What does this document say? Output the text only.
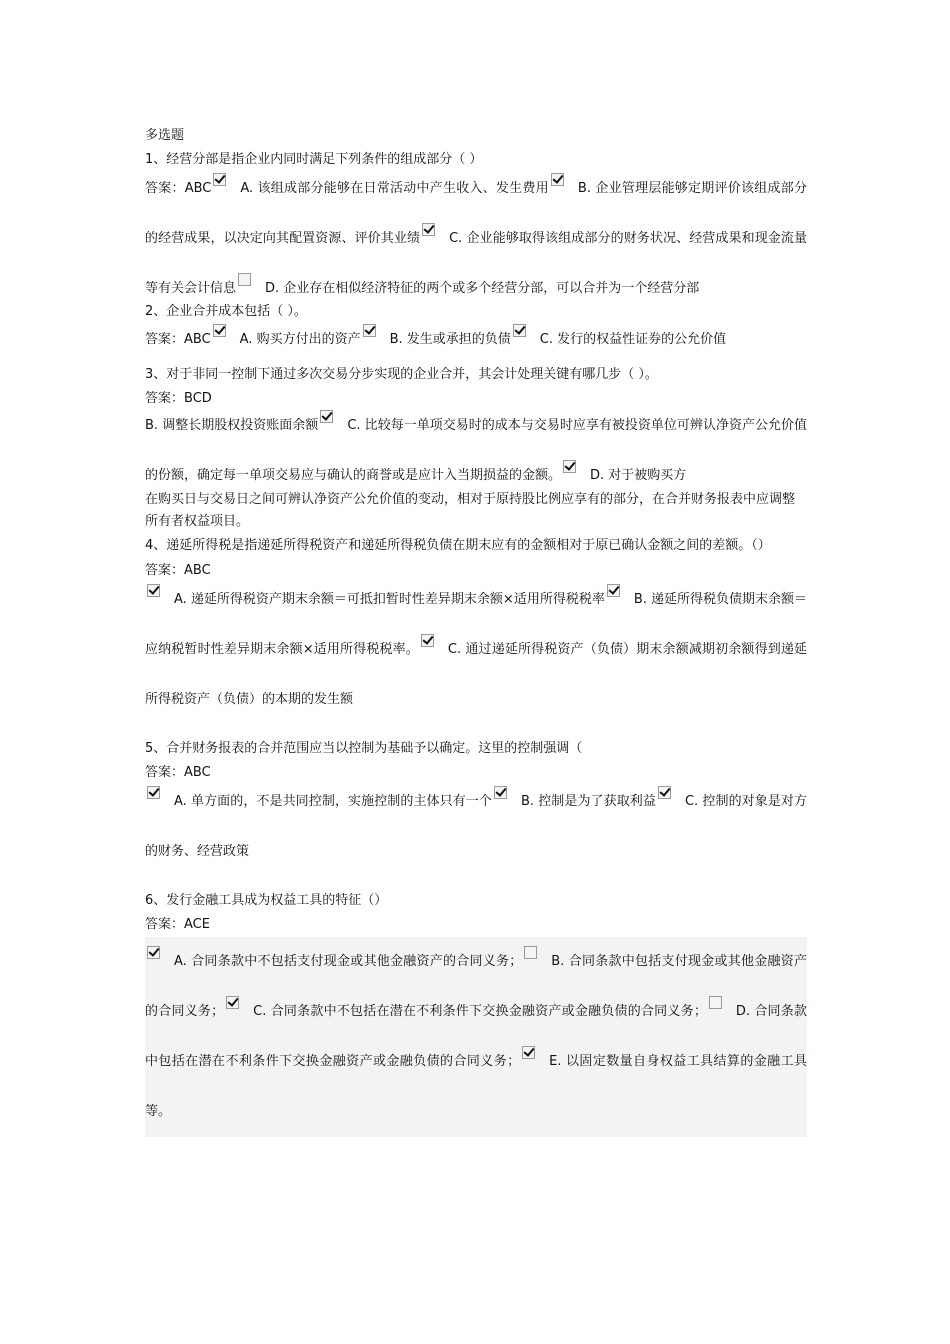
多选题
1、经营分部是指企业内同时满足下列条件的组成部分（ ）
答案：ABC A. 该组成部分能够在日常活动中产生收入、发生费用 B. 企业管理层能够定期评价该组成部分的经营成果，以决定向其配置资源、评价其业绩 C. 企业能够取得该组成部分的财务状况、经营成果和现金流量等有关会计信息 D. 企业存在相似经济特征的两个或多个经营分部，可以合并为一个经营分部
2、企业合并成本包括（ ）。
答案：ABC A. 购买方付出的资产 B. 发生或承担的负债 C. 发行的权益性证券的公允价值
3、对于非同一控制下通过多次交易分步实现的企业合并，其会计处理关键有哪几步（ ）。
答案：BCD
B. 调整长期股权投资账面余额 C. 比较每一单项交易时的成本与交易时应享有被投资单位可辨认净资产公允价值的份额，确定每一单项交易应与确认的商誉或是应计入当期损益的金额。 D. 对于被购买方
在购买日与交易日之间可辨认净资产公允价值的变动，相对于原持股比例应享有的部分，在合并财务报表中应调整所有者权益项目。
4、递延所得税是指递延所得税资产和递延所得税负债在期末应有的金额相对于原已确认金额之间的差额。（）
答案：ABC
A. 递延所得税资产期末余额＝可抵扣暂时性差异期末余额×适用所得税税率 B. 递延所得税负债期末余额＝应纳税暂时性差异期末余额×适用所得税税率。 C. 通过递延所得税资产（负债）期末余额减期初余额得到递延所得税资产（负债）的本期的发生额
5、合并财务报表的合并范围应当以控制为基础予以确定。这里的控制强调（
答案：ABC
A. 单方面的，不是共同控制，实施控制的主体只有一个 B. 控制是为了获取利益 C. 控制的对象是对方的财务、经营政策
6、发行金融工具成为权益工具的特征（）
答案：ACE
A. 合同条款中不包括支付现金或其他金融资产的合同义务； B. 合同条款中包括支付现金或其他金融资产的合同义务； C. 合同条款中不包括在潜在不利条件下交换金融资产或金融负债的合同义务； D. 合同条款中包括在潜在不利条件下交换金融资产或金融负债的合同义务； E. 以固定数量自身权益工具结算的金融工具等。
